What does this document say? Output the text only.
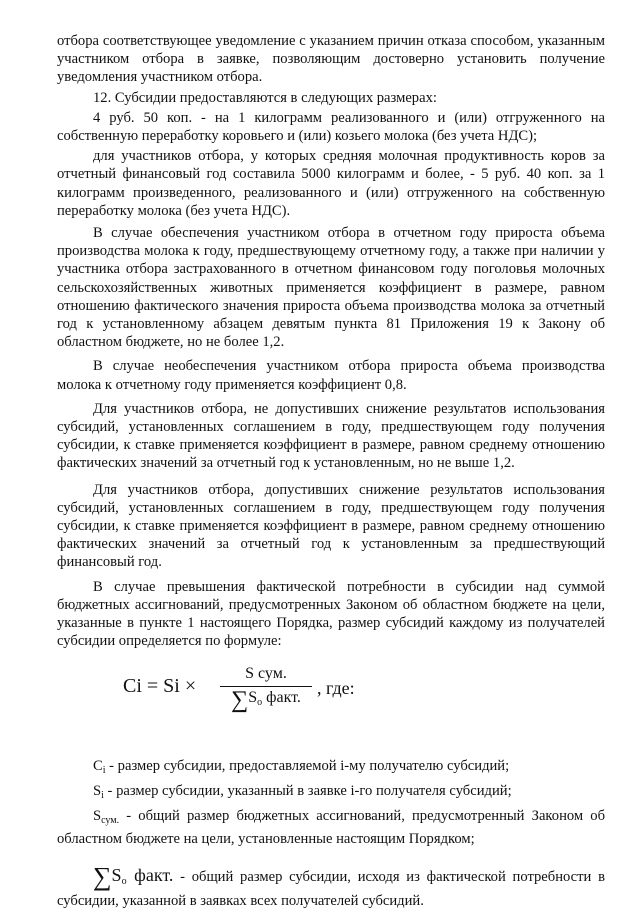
отбора соответствующее уведомление с указанием причин отказа способом, указанным участником отбора в заявке, позволяющим достоверно установить получение уведомления участником отбора.

12. Субсидии предоставляются в следующих размерах:

4 руб. 50 коп. - на 1 килограмм реализованного и (или) отгруженного на собственную переработку коровьего и (или) козьего молока (без учета НДС);

для участников отбора, у которых средняя молочная продуктивность коров за отчетный финансовый год составила 5000 килограмм и более, - 5 руб. 40 коп. за 1 килограмм произведенного, реализованного и (или) отгруженного на собственную переработку молока (без учета НДС).

В случае обеспечения участником отбора в отчетном году прироста объема производства молока к году, предшествующему отчетному году, а также при наличии у участника отбора застрахованного в отчетном финансовом году поголовья молочных сельскохозяйственных животных применяется коэффициент в размере, равном отношению фактического значения прироста объема производства молока за отчетный год к установленному абзацем девятым пункта 81 Приложения 19 к Закону об областном бюджете, но не более 1,2.

В случае необеспечения участником отбора прироста объема производства молока к отчетному году применяется коэффициент 0,8.

Для участников отбора, не допустивших снижение результатов использования субсидий, установленных соглашением в году, предшествующем году получения субсидии, к ставке применяется коэффициент в размере, равном среднему отношению фактических значений за отчетный год к установленным, но не выше 1,2.

Для участников отбора, допустивших снижение результатов использования субсидий, установленных соглашением в году, предшествующем году получения субсидии, к ставке применяется коэффициент в размере, равном среднему отношению фактических значений за отчетный год к установленным за предшествующий финансовый год.

В случае превышения фактической потребности в субсидии над суммой бюджетных ассигнований, предусмотренных Законом об областном бюджете на цели, указанные в пункте 1 настоящего Порядка, размер субсидий каждому из получателей субсидии определяется по формуле:

Ci = Si ×
S сум.
$\sum S_o$ факт. , где:

$C_i$ - размер субсидии, предоставляемой i-му получателю субсидий;

$S_i$ - размер субсидии, указанный в заявке i-го получателя субсидий;

$S_{сум.}$ - общий размер бюджетных ассигнований, предусмотренный Законом об областном бюджете на цели, установленные настоящим Порядком;

$\sum S_о$ факт. - общий размер субсидии, исходя из фактической потребности в субсидии, указанной в заявках всех получателей субсидий.
